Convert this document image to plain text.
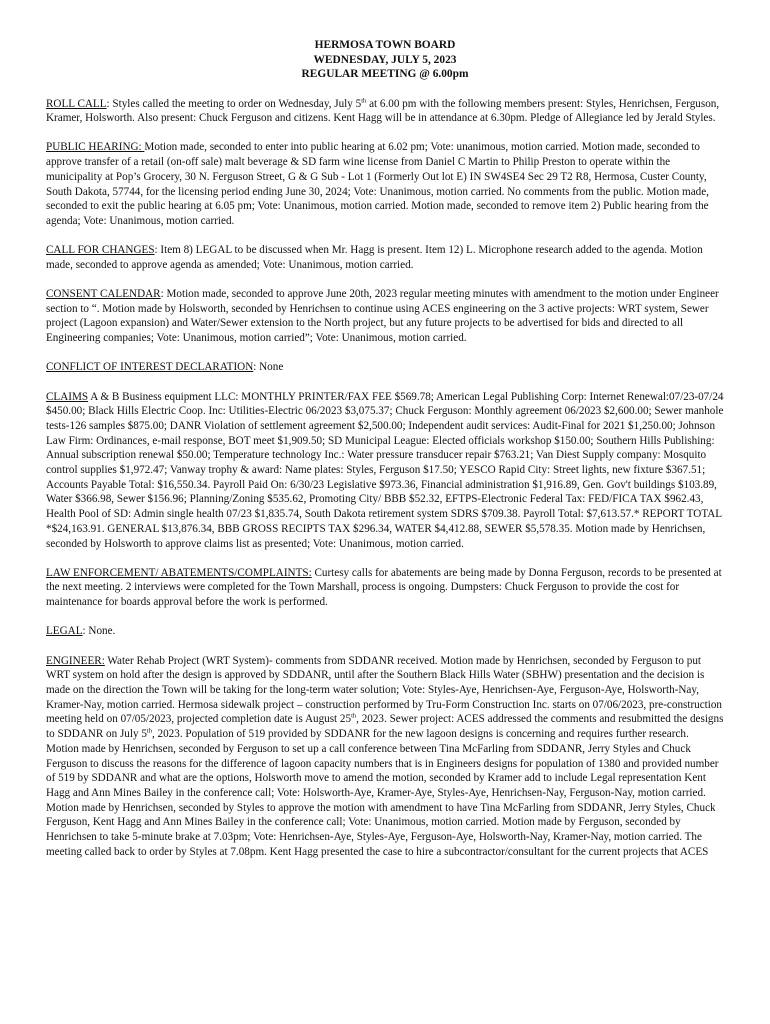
HERMOSA TOWN BOARD
WEDNESDAY, JULY 5, 2023
REGULAR MEETING @ 6.00pm

ROLL CALL: Styles called the meeting to order on Wednesday, July 5th at 6.00 pm with the following members present: Styles, Henrichsen, Ferguson, Kramer, Holsworth. Also present: Chuck Ferguson and citizens. Kent Hagg will be in attendance at 6.30pm. Pledge of Allegiance led by Jerald Styles.

PUBLIC HEARING: Motion made, seconded to enter into public hearing at 6.02 pm; Vote: unanimous, motion carried. Motion made, seconded to approve transfer of a retail (on-off sale) malt beverage & SD farm wine license from Daniel C Martin to Philip Preston to operate within the municipality at Pop’s Grocery, 30 N. Ferguson Street, G & G Sub - Lot 1 (Formerly Out lot E) IN SW4SE4 Sec 29 T2 R8, Hermosa, Custer County, South Dakota, 57744, for the licensing period ending June 30, 2024; Vote: Unanimous, motion carried. No comments from the public. Motion made, seconded to exit the public hearing at 6.05 pm; Vote: Unanimous, motion carried. Motion made, seconded to remove item 2) Public hearing from the agenda; Vote: Unanimous, motion carried.

CALL FOR CHANGES: Item 8) LEGAL to be discussed when Mr. Hagg is present. Item 12) L. Microphone research added to the agenda. Motion made, seconded to approve agenda as amended; Vote: Unanimous, motion carried.

CONSENT CALENDAR: Motion made, seconded to approve June 20th, 2023 regular meeting minutes with amendment to the motion under Engineer section to “. Motion made by Holsworth, seconded by Henrichsen to continue using ACES engineering on the 3 active projects: WRT system, Sewer project (Lagoon expansion) and Water/Sewer extension to the North project, but any future projects to be advertised for bids and directed to all Engineering companies; Vote: Unanimous, motion carried”; Vote: Unanimous, motion carried.

CONFLICT OF INTEREST DECLARATION: None

CLAIMS A & B Business equipment LLC: MONTHLY PRINTER/FAX FEE $569.78; American Legal Publishing Corp: Internet Renewal:07/23-07/24 $450.00; Black Hills Electric Coop. Inc: Utilities-Electric 06/2023 $3,075.37; Chuck Ferguson: Monthly agreement 06/2023 $2,600.00; Sewer manhole tests-126 samples $875.00; DANR Violation of settlement agreement $2,500.00; Independent audit services: Audit-Final for 2021 $1,250.00; Johnson Law Firm: Ordinances, e-mail response, BOT meet $1,909.50; SD Municipal League: Elected officials workshop $150.00; Southern Hills Publishing: Annual subscription renewal $50.00; Temperature technology Inc.: Water pressure transducer repair $763.21; Van Diest Supply company: Mosquito control supplies $1,972.47; Vanway trophy & award: Name plates: Styles, Ferguson $17.50; YESCO Rapid City: Street lights, new fixture $367.51; Accounts Payable Total: $16,550.34. Payroll Paid On: 6/30/23 Legislative $973.36, Financial administration $1,916.89, Gen. Gov't buildings $103.89, Water $366.98, Sewer $156.96; Planning/Zoning $535.62, Promoting City/ BBB $52.32, EFTPS-Electronic Federal Tax: FED/FICA TAX $962.43, Health Pool of SD: Admin single health 07/23 $1,835.74, South Dakota retirement system SDRS $709.38. Payroll Total: $7,613.57.* REPORT TOTAL *$24,163.91. GENERAL $13,876.34, BBB GROSS RECIPTS TAX $296.34, WATER $4,412.88, SEWER $5,578.35. Motion made by Henrichsen, seconded by Holsworth to approve claims list as presented; Vote: Unanimous, motion carried.

LAW ENFORCEMENT/ ABATEMENTS/COMPLAINTS: Curtesy calls for abatements are being made by Donna Ferguson, records to be presented at the next meeting. 2 interviews were completed for the Town Marshall, process is ongoing. Dumpsters: Chuck Ferguson to provide the cost for maintenance for boards approval before the work is performed.

LEGAL: None.

ENGINEER: Water Rehab Project (WRT System)- comments from SDDANR received. Motion made by Henrichsen, seconded by Ferguson to put WRT system on hold after the design is approved by SDDANR, until after the Southern Black Hills Water (SBHW) presentation and the decision is made on the direction the Town will be taking for the long-term water solution; Vote: Styles-Aye, Henrichsen-Aye, Ferguson-Aye, Holsworth-Nay, Kramer-Nay, motion carried. Hermosa sidewalk project – construction performed by Tru-Form Construction Inc. starts on 07/06/2023, pre-construction meeting held on 07/05/2023, projected completion date is August 25th, 2023. Sewer project: ACES addressed the comments and resubmitted the designs to SDDANR on July 5th, 2023. Population of 519 provided by SDDANR for the new lagoon designs is concerning and requires further research. Motion made by Henrichsen, seconded by Ferguson to set up a call conference between Tina McFarling from SDDANR, Jerry Styles and Chuck Ferguson to discuss the reasons for the difference of lagoon capacity numbers that is in Engineers designs for population of 1380 and provided number of 519 by SDDANR and what are the options, Holsworth move to amend the motion, seconded by Kramer add to include Legal representation Kent Hagg and Ann Mines Bailey in the conference call; Vote: Holsworth-Aye, Kramer-Aye, Styles-Aye, Henrichsen-Nay, Ferguson-Nay, motion carried. Motion made by Henrichsen, seconded by Styles to approve the motion with amendment to have Tina McFarling from SDDANR, Jerry Styles, Chuck Ferguson, Kent Hagg and Ann Mines Bailey in the conference call; Vote: Unanimous, motion carried. Motion made by Ferguson, seconded by Henrichsen to take 5-minute brake at 7.03pm; Vote: Henrichsen-Aye, Styles-Aye, Ferguson-Aye, Holsworth-Nay, Kramer-Nay, motion carried. The meeting called back to order by Styles at 7.08pm. Kent Hagg presented the case to hire a subcontractor/consultant for the current projects that ACES
